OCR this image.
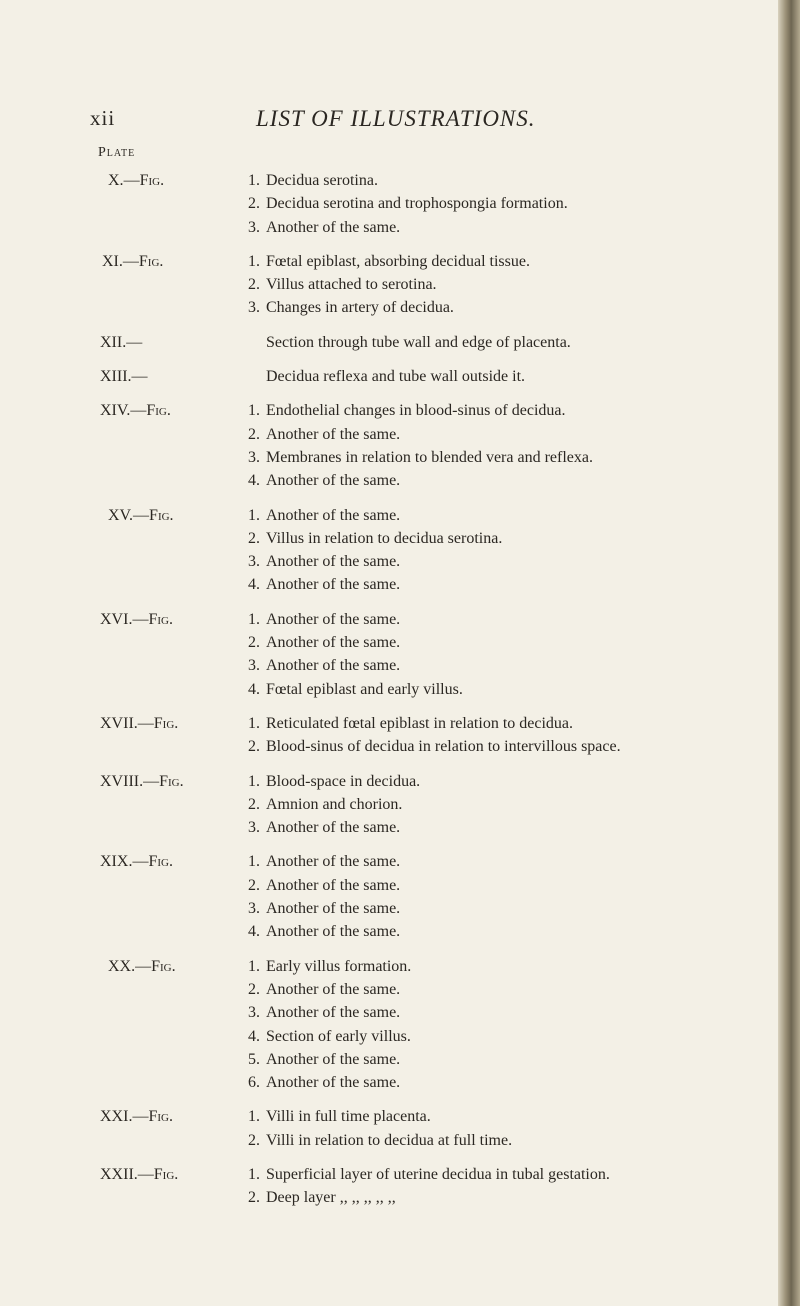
xii	LIST OF ILLUSTRATIONS.
Plate
X.—Fig.	1. Decidua serotina.
2. Decidua serotina and trophospongia formation.
3. Another of the same.
XI.—Fig.	1. Fœtal epiblast, absorbing decidual tissue.
2. Villus attached to serotina.
3. Changes in artery of decidua.
XII.—	Section through tube wall and edge of placenta.
XIII.—	Decidua reflexa and tube wall outside it.
XIV.—Fig.	1. Endothelial changes in blood-sinus of decidua.
2. Another of the same.
3. Membranes in relation to blended vera and reflexa.
4. Another of the same.
XV.—Fig.	1. Another of the same.
2. Villus in relation to decidua serotina.
3. Another of the same.
4. Another of the same.
XVI.—Fig.	1. Another of the same.
2. Another of the same.
3. Another of the same.
4. Fœtal epiblast and early villus.
XVII.—Fig.	1. Reticulated fœtal epiblast in relation to decidua.
2. Blood-sinus of decidua in relation to intervillous space.
XVIII.—Fig.	1. Blood-space in decidua.
2. Amnion and chorion.
3. Another of the same.
XIX.—Fig.	1. Another of the same.
2. Another of the same.
3. Another of the same.
4. Another of the same.
XX.—Fig.	1. Early villus formation.
2. Another of the same.
3. Another of the same.
4. Section of early villus.
5. Another of the same.
6. Another of the same.
XXI.—Fig.	1. Villi in full time placenta.
2. Villi in relation to decidua at full time.
XXII.—Fig.	1. Superficial layer of uterine decidua in tubal gestation.
2. Deep layer ,, ,, ,, ,, ,,
